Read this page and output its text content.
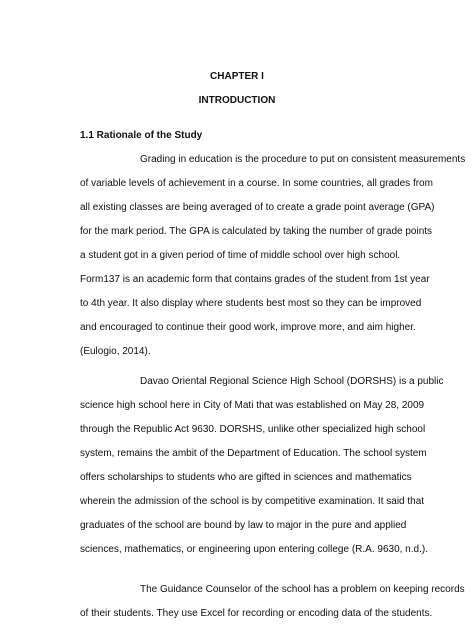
CHAPTER I
INTRODUCTION
1.1 Rationale of the Study
Grading in education is the procedure to put on consistent measurements
of variable levels of achievement in a course. In some countries, all grades from
all existing classes are being averaged of to create a grade point average (GPA)
for the mark period. The GPA is calculated by taking the number of grade points
a student got in a given period of time of middle school over high school.
Form137 is an academic form that contains grades of the student from 1st year
to 4th year. It also display where students best most so they can be improved
and encouraged to continue their good work, improve more, and aim higher.
(Eulogio, 2014).
Davao Oriental Regional Science High School (DORSHS) is a public
science high school here in City of Mati that was established on May 28, 2009
through the Republic Act 9630. DORSHS, unlike other specialized high school
system, remains the ambit of the Department of Education. The school system
offers scholarships to students who are gifted in sciences and mathematics
wherein the admission of the school is by competitive examination. It said that
graduates of the school are bound by law to major in the pure and applied
sciences, mathematics, or engineering upon entering college (R.A. 9630, n.d.).
The Guidance Counselor of the school has a problem on keeping records
of their students. They use Excel for recording or encoding data of the students.
